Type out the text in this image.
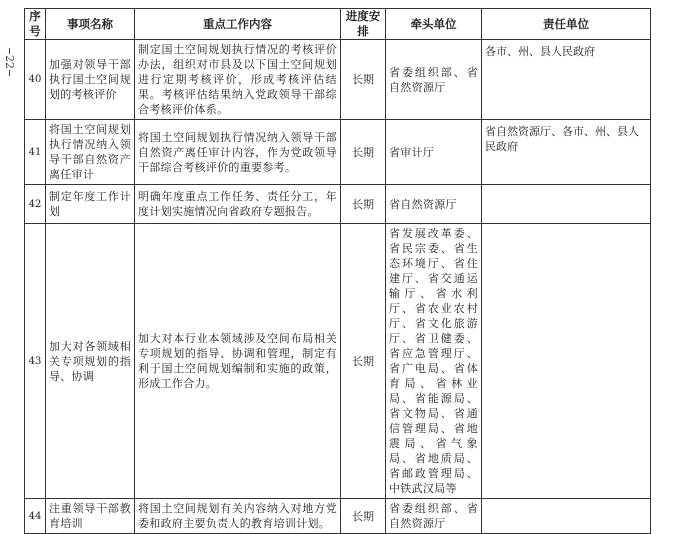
22
序号	事项名称	重点工作内容	进度安排	牵头单位	责任单位
40	加强对领导干部执行国土空间规划的考核评价	制定国土空间规划执行情况的考核评价办法，组织对市县及以下国土空间规划进行定期考核评价，形成考核评估结果。考核评估结果纳入党政领导干部综合考核评价体系。	长期	省委组织部、省自然资源厅	各市、州、县人民政府
41	将国土空间规划执行情况纳入领导干部自然资产离任审计	将国土空间规划执行情况纳入领导干部自然资产离任审计内容，作为党政领导干部综合考核评价的重要参考。	长期	省审计厅	省自然资源厅、各市、州、县人民政府
42	制定年度工作计划	明确年度重点工作任务、责任分工，年度计划实施情况向省政府专题报告。	长期	省自然资源厅	
43	加大对各领域相关专项规划的指导、协调	加大对本行业本领域涉及空间布局相关专项规划的指导、协调和管理，制定有利于国土空间规划编制和实施的政策，形成工作合力。	长期	省发展改革委、省民宗委、省生态环境厅、省住建厅、省交通运输厅、省水利厅、省农业农村厅、省文化旅游厅、省卫健委、省应急管理厅、省广电局、省体育局、省林业局、省能源局、省文物局、省通信管理局、省地震局、省气象局、省地质局、省邮政管理局、中铁武汉局等	
44	注重领导干部教育培训	将国土空间规划有关内容纳入对地方党委和政府主要负责人的教育培训计划。	长期	省委组织部、省自然资源厅	
